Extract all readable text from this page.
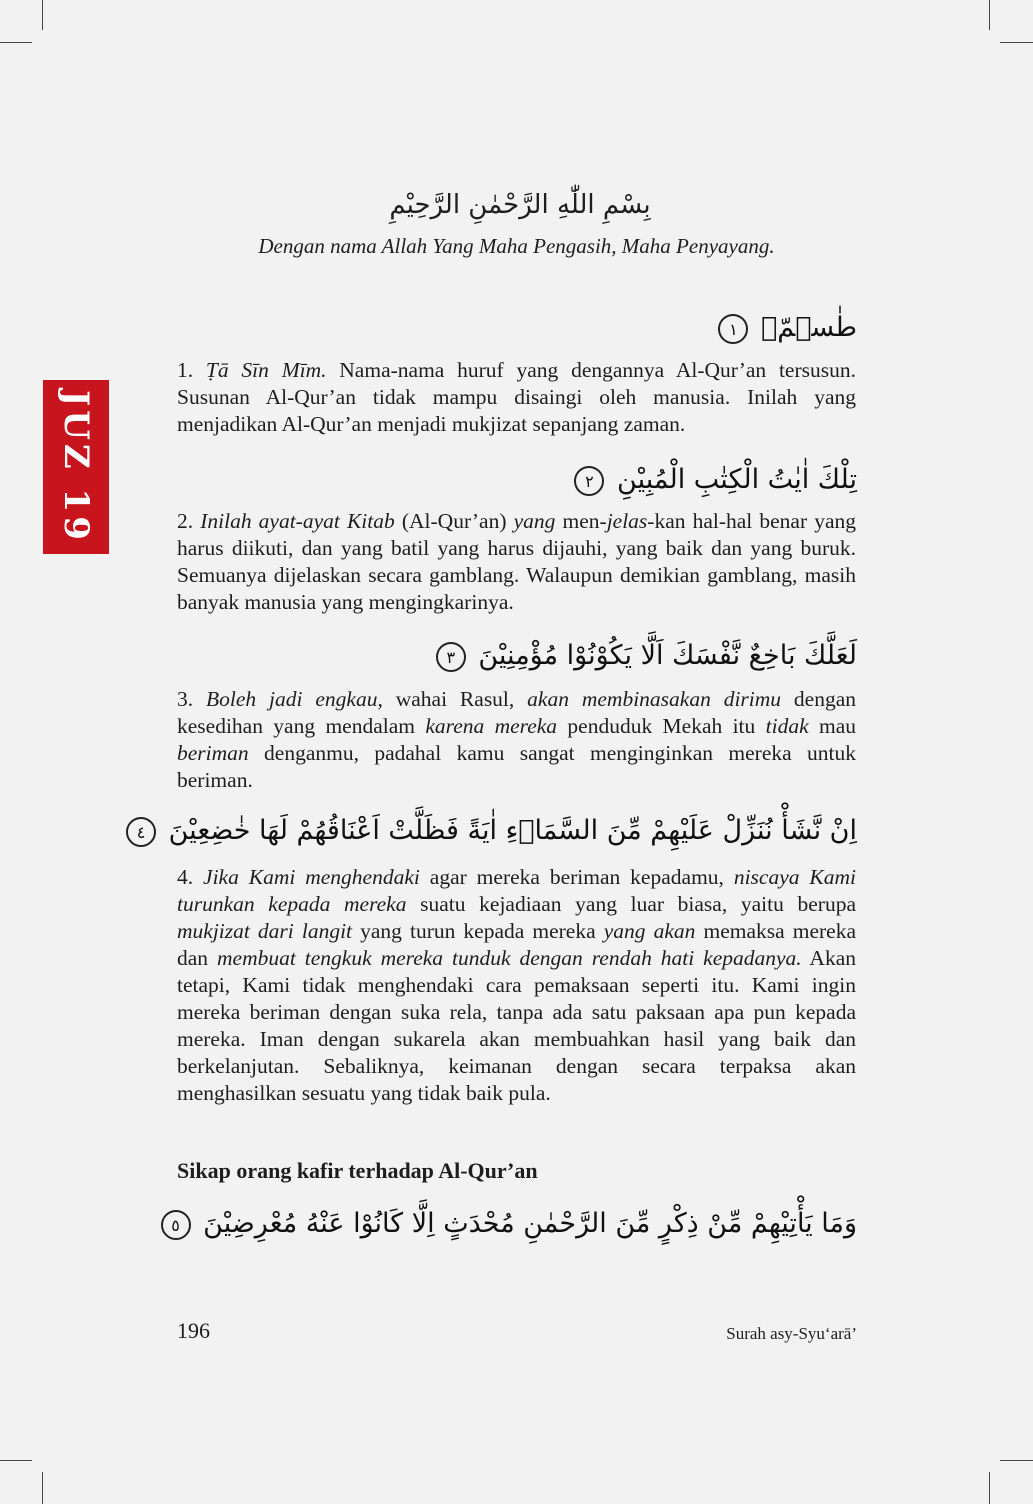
JUZ 19
بِسْمِ اللّٰهِ الرَّحْمٰنِ الرَّحِيْمِ
Dengan nama Allah Yang Maha Pengasih, Maha Penyayang.
طٰسۤمّۤ ١

1. Ṭā Sīn Mīm. Nama-nama huruf yang dengannya Al-Qur’an tersusun. Susunan Al-Qur’an tidak mampu disaingi oleh manusia. Inilah yang menjadikan Al-Qur’an menjadi mukjizat sepanjang zaman.

تِلْكَ اٰيٰتُ الْكِتٰبِ الْمُبِيْنِ ٢

2. Inilah ayat-ayat Kitab (Al-Qur’an) yang men-jelas-kan hal-hal benar yang harus diikuti, dan yang batil yang harus dijauhi, yang baik dan yang buruk. Semuanya dijelaskan secara gamblang. Walaupun demikian gamblang, masih banyak manusia yang mengingkarinya.

لَعَلَّكَ بَاخِعٌ نَّفْسَكَ اَلَّا يَكُوْنُوْا مُؤْمِنِيْنَ ٣

3. Boleh jadi engkau, wahai Rasul, akan membinasakan dirimu dengan kesedihan yang mendalam karena mereka penduduk Mekah itu tidak mau beriman denganmu, padahal kamu sangat menginginkan mereka untuk beriman.

اِنْ نَّشَأْ نُنَزِّلْ عَلَيْهِمْ مِّنَ السَّمَاۤءِ اٰيَةً فَظَلَّتْ اَعْنَاقُهُمْ لَهَا خٰضِعِيْنَ ٤

4. Jika Kami menghendaki agar mereka beriman kepadamu, niscaya Kami turunkan kepada mereka suatu kejadiaan yang luar biasa, yaitu berupa mukjizat dari langit yang turun kepada mereka yang akan memaksa mereka dan membuat tengkuk mereka tunduk dengan rendah hati kepadanya. Akan tetapi, Kami tidak menghendaki cara pemaksaan seperti itu. Kami ingin mereka beriman dengan suka rela, tanpa ada satu paksaan apa pun kepada mereka. Iman dengan sukarela akan membuahkan hasil yang baik dan berkelanjutan. Sebaliknya, keimanan dengan secara terpaksa akan menghasilkan sesuatu yang tidak baik pula.

Sikap orang kafir terhadap Al-Qur’an
وَمَا يَأْتِيْهِمْ مِّنْ ذِكْرٍ مِّنَ الرَّحْمٰنِ مُحْدَثٍ اِلَّا كَانُوْا عَنْهُ مُعْرِضِيْنَ ٥
196	Surah asy-Syu‘arā’
